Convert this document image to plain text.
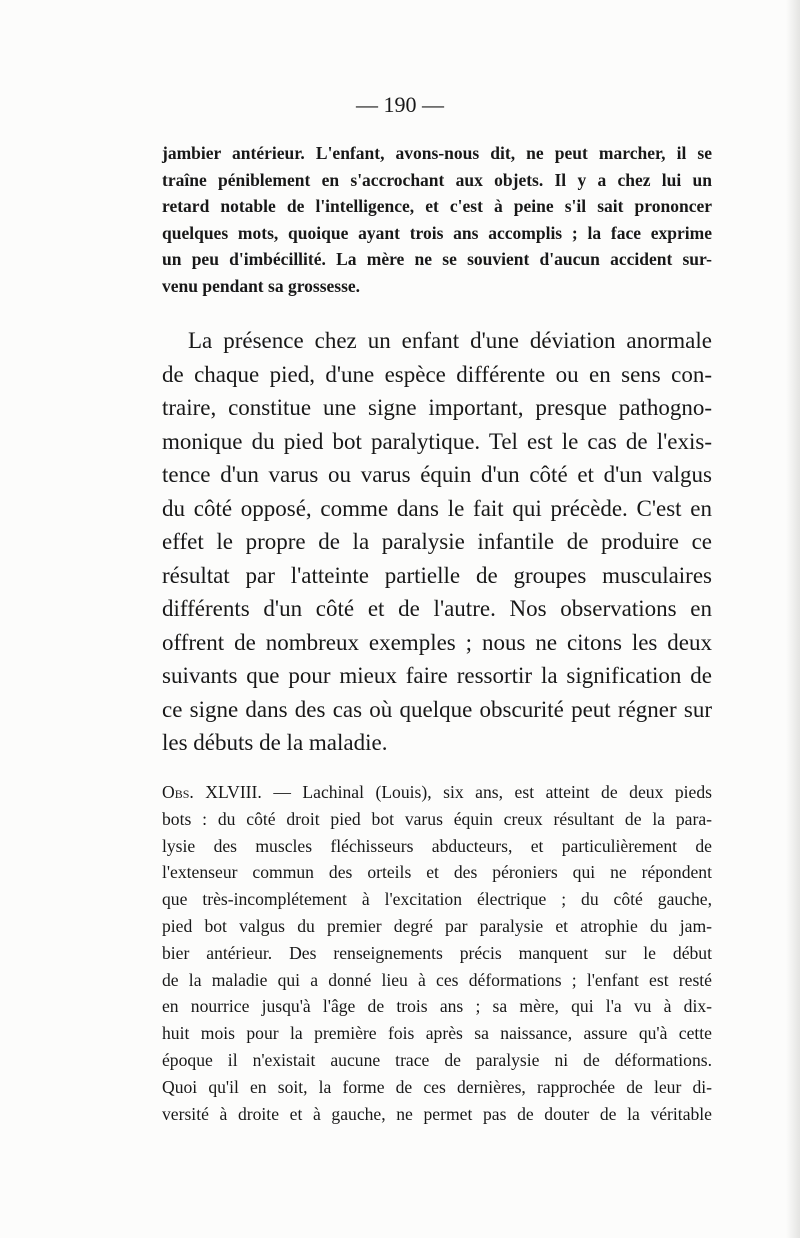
— 190 —

jambier antérieur. L'enfant, avons-nous dit, ne peut marcher, il se
traîne péniblement en s'accrochant aux objets. Il y a chez lui un
retard notable de l'intelligence, et c'est à peine s'il sait prononcer
quelques mots, quoique ayant trois ans accomplis ; la face exprime
un peu d'imbécillité. La mère ne se souvient d'aucun accident sur-
venu pendant sa grossesse.
La présence chez un enfant d'une déviation anormale
de chaque pied, d'une espèce différente ou en sens con-
traire, constitue une signe important, presque pathogno-
monique du pied bot paralytique. Tel est le cas de l'exis-
tence d'un varus ou varus équin d'un côté et d'un valgus
du côté opposé, comme dans le fait qui précède. C'est en
effet le propre de la paralysie infantile de produire ce
résultat par l'atteinte partielle de groupes musculaires
différents d'un côté et de l'autre. Nos observations en
offrent de nombreux exemples ; nous ne citons les deux
suivants que pour mieux faire ressortir la signification de
ce signe dans des cas où quelque obscurité peut régner sur
les débuts de la maladie.
Obs. XLVIII. — Lachinal (Louis), six ans, est atteint de deux pieds
bots : du côté droit pied bot varus équin creux résultant de la para-
lysie des muscles fléchisseurs abducteurs, et particulièrement de
l'extenseur commun des orteils et des péroniers qui ne répondent
que très-incomplétement à l'excitation électrique ; du côté gauche,
pied bot valgus du premier degré par paralysie et atrophie du jam-
bier antérieur. Des renseignements précis manquent sur le début
de la maladie qui a donné lieu à ces déformations ; l'enfant est resté
en nourrice jusqu'à l'âge de trois ans ; sa mère, qui l'a vu à dix-
huit mois pour la première fois après sa naissance, assure qu'à cette
époque il n'existait aucune trace de paralysie ni de déformations.
Quoi qu'il en soit, la forme de ces dernières, rapprochée de leur di-
versité à droite et à gauche, ne permet pas de douter de la véritable
